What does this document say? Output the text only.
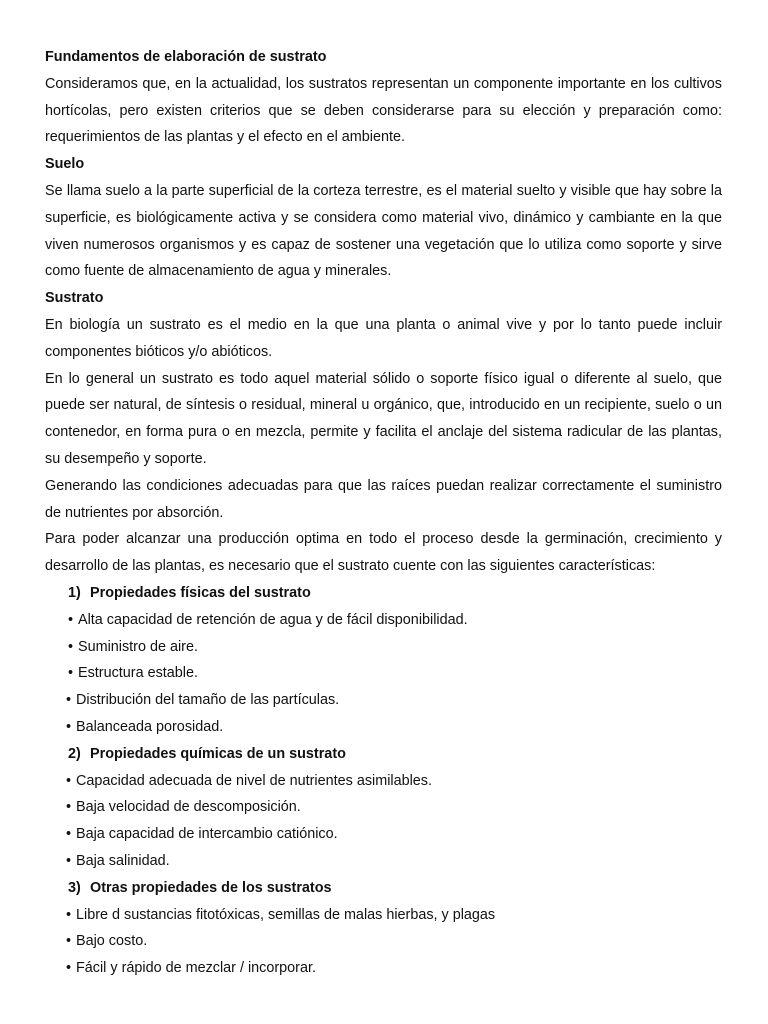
Fundamentos de elaboración de sustrato

Consideramos que, en la actualidad, los sustratos representan un componente importante en los cultivos hortícolas, pero existen criterios que se deben considerarse para su elección y preparación como: requerimientos de las plantas y el efecto en el ambiente.

Suelo

Se llama suelo a la parte superficial de la corteza terrestre, es el material suelto y visible que hay sobre la superficie, es biológicamente activa y se considera como material vivo, dinámico y cambiante en la que viven numerosos organismos y es capaz de sostener una vegetación que lo utiliza como soporte y sirve como fuente de almacenamiento de agua y minerales.

Sustrato

En biología un sustrato es el medio en la que una planta o animal vive y por lo tanto puede incluir componentes bióticos y/o abióticos.

En lo general un sustrato es todo aquel material sólido o soporte físico igual o diferente al suelo, que puede ser natural, de síntesis o residual, mineral u orgánico, que, introducido en un recipiente, suelo o un contenedor, en forma pura o en mezcla, permite y facilita el anclaje del sistema radicular de las plantas, su desempeño y soporte.

Generando las condiciones adecuadas para que las raíces puedan realizar correctamente el suministro de nutrientes por absorción.

Para poder alcanzar una producción optima en todo el proceso desde la germinación, crecimiento y desarrollo de las plantas, es necesario que el sustrato cuente con las siguientes características:

1) Propiedades físicas del sustrato

• Alta capacidad de retención de agua y de fácil disponibilidad.
• Suministro de aire.
• Estructura estable.
• Distribución del tamaño de las partículas.
• Balanceada porosidad.

2) Propiedades químicas de un sustrato

• Capacidad adecuada de nivel de nutrientes asimilables.
• Baja velocidad de descomposición.
• Baja capacidad de intercambio catiónico.
• Baja salinidad.

3) Otras propiedades de los sustratos

• Libre d sustancias fitotóxicas, semillas de malas hierbas, y plagas
• Bajo costo.
• Fácil y rápido de mezclar / incorporar.
